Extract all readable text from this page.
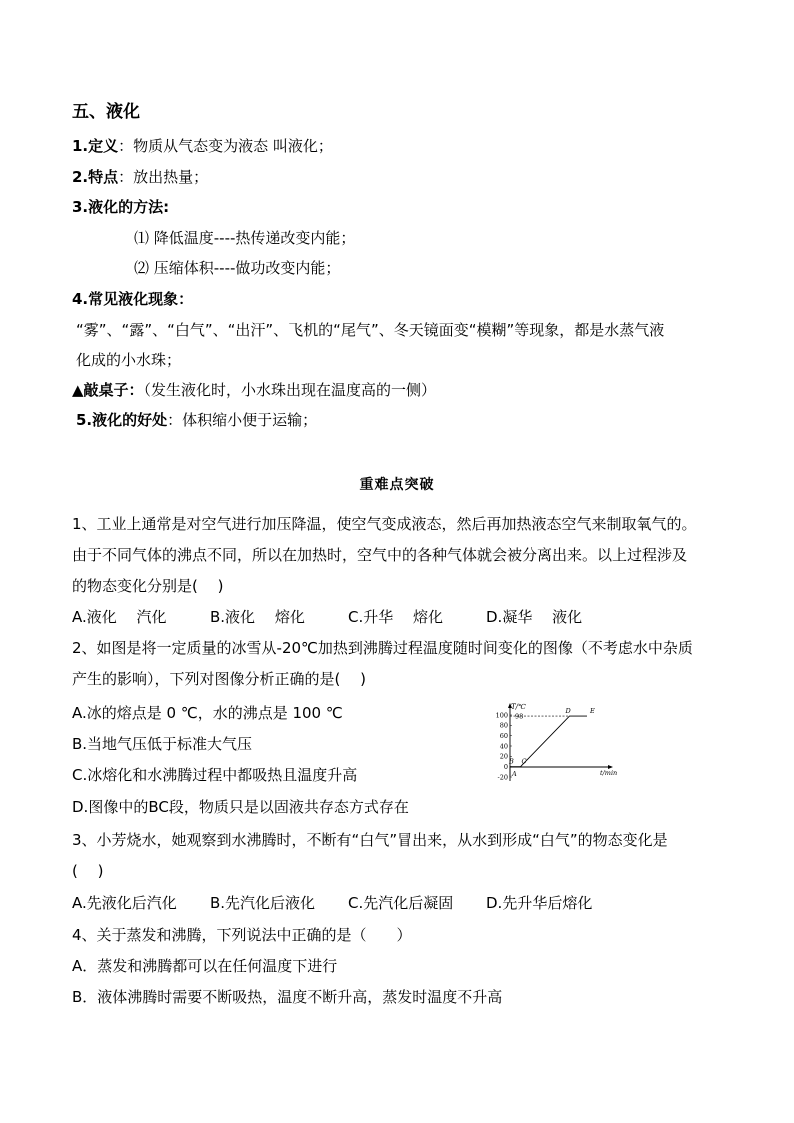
五、液化
1.定义：物质从气态变为液态 叫液化；
2.特点：放出热量；
3.液化的方法:
⑴ 降低温度----热传递改变内能；
⑵ 压缩体积----做功改变内能；
4.常见液化现象：
“雾”、“露”、“白气”、“出汗”、飞机的“尾气”、冬天镜面变“模糊”等现象，都是水蒸气液
化成的小水珠；
▲敲桌子：（发生液化时，小水珠出现在温度高的一侧）
5.液化的好处：体积缩小便于运输；
重难点突破
1、工业上通常是对空气进行加压降温，使空气变成液态，然后再加热液态空气来制取氧气的。
由于不同气体的沸点不同，所以在加热时，空气中的各种气体就会被分离出来。以上过程涉及
的物态变化分别是(　 )
A.液化　 汽化	B.液化　 熔化	C.升华　 熔化	D.凝华　 液化
2、如图是将一定质量的冰雪从-20℃加热到沸腾过程温度随时间变化的图像（不考虑水中杂质
产生的影响），下列对图像分析正确的是(　 )
A.冰的熔点是 0 ℃，水的沸点是 100 ℃
B.当地气压低于标准大气压
C.冰熔化和水沸腾过程中都吸热且温度升高
D.图像中的BC段，物质只是以固液共存态方式存在
T/℃
t/min
100
80
60
40
20
0
-20
98
A
B C
D	E
3、小芳烧水，她观察到水沸腾时，不断有“白气”冒出来，从水到形成“白气”的物态变化是
(　 )
A.先液化后汽化 B.先汽化后液化 C.先汽化后凝固 D.先升华后熔化
4、关于蒸发和沸腾，下列说法中正确的是（　　）
A．蒸发和沸腾都可以在任何温度下进行
B．液体沸腾时需要不断吸热，温度不断升高，蒸发时温度不升高
